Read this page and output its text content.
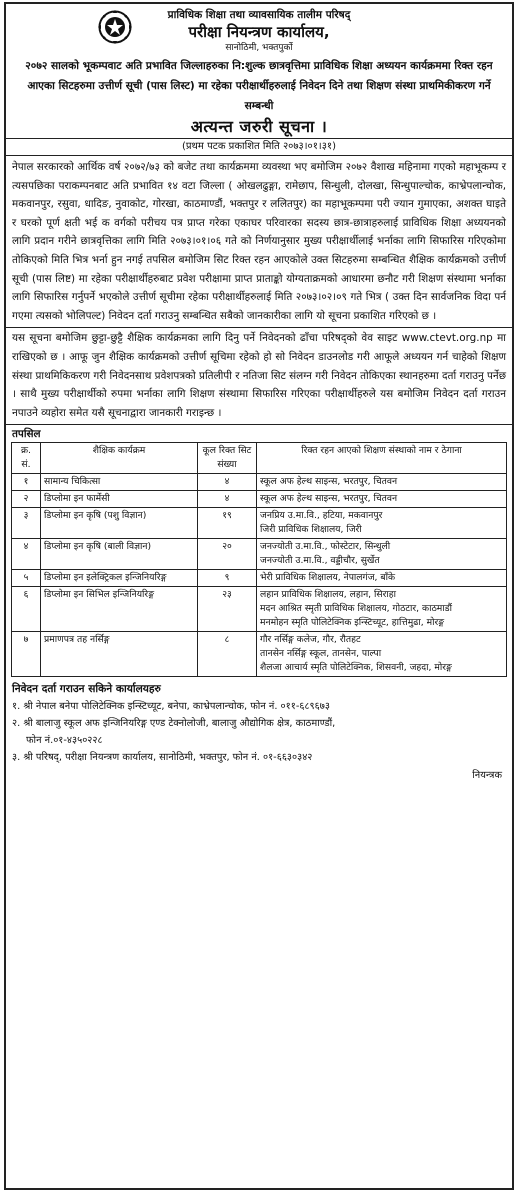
प्राविधिक शिक्षा तथा व्यावसायिक तालीम परिषद्
परीक्षा नियन्त्रण कार्यालय,
सानोठिमी, भक्तपुर्को
२०७२ सालको भूकम्पवाट अति प्रभावित जिल्लाहरुका नि:शुल्क छात्रवृत्तिमा प्राविधिक शिक्षा अध्ययन कार्यक्रममा रिक्त रहन आएका सिटहरुमा उत्तीर्ण सूची (पास लिस्ट) मा रहेका परीक्षार्थीहरुलाई निवेदन दिने तथा शिक्षण संस्था प्राथमिकीकरण गर्ने सम्बन्धी
अत्यन्त जरुरी सूचना ।
(प्रथम पटक प्रकाशित मिति २०७३।०१।३१)
नेपाल सरकारको आर्थिक वर्ष २०७२/७३ को बजेट तथा कार्यक्रममा व्यवस्था भए बमोजिम २०७२ वैशाख महिनामा गएको महाभूकम्प र त्यसपछिका पराकम्पनबाट अति प्रभावित १४ वटा जिल्ला ( ओखलढुङ्गा, रामेछाप, सिन्धुली, दोलखा, सिन्धुपाल्चोक, काभ्रेपलान्चोक, मकवानपुर, रसुवा, धादिङ, नुवाकोट, गोरखा, काठमाण्डौं, भक्तपुर र ललितपुर) का महाभूकम्पमा परी ज्यान गुमाएका, अशक्त घाइते र घरको पूर्ण क्षती भई क वर्गको परीचय पत्र प्राप्त गरेका एकाघर परिवारका सदस्य छात्र-छात्राहरुलाई प्राविधिक शिक्षा अध्ययनको लागि प्रदान गरीने छात्रवृत्तिका लागि मिति २०७३।०१।०६ गते को निर्णयानुसार मुख्य परीक्षार्थीलाई भर्नाका लागि सिफारिस गरिएकोमा तोकिएको मिति भित्र भर्ना हुन नगई तपसिल बमोजिम सिट रिक्त रहन आएकोले उक्त सिटहरुमा सम्बन्धित शैक्षिक कार्यक्रमको उत्तीर्ण सूची (पास लिष्ट) मा रहेका परीक्षार्थीहरुबाट प्रवेश परीक्षामा प्राप्त प्राताङ्को योग्यताक्रमको आधारमा छनौट गरी शिक्षण संस्थामा भर्नाका लागि सिफारिस गर्नुपर्ने भएकोले उत्तीर्ण सूचीमा रहेका परीक्षार्थीहरुलाई मिति २०७३।०२।०९ गते भित्र ( उक्त दिन सार्वजनिक विदा पर्न गएमा त्यसको भोलिपल्ट) निवेदन दर्ता गराउनु सम्बन्धित सबैको जानकारीका लागि यो सूचना प्रकाशित गरिएको छ ।
यस सूचना बमोजिम छुट्टा-छुट्टै शैक्षिक कार्यक्रमका लागि दिनु पर्ने निवेदनको ढाँचा परिषद्को वेव साइट www.ctevt.org.np मा राखिएको छ । आफू जुन शैक्षिक कार्यक्रमको उत्तीर्ण सूचिमा रहेको हो सो निवेदन डाउनलोड गरी आफूले अध्ययन गर्न चाहेको शिक्षण संस्था प्राथमिकिकरण गरी निवेदनसाथ प्रवेशपत्रको प्रतिलीपी र नतिजा सिट संलग्न गरी निवेदन तोकिएका स्थानहरुमा दर्ता गराउनु पर्नेछ । साथै मुख्य परीक्षार्थीको रुपमा भर्नाका लागि शिक्षण संस्थामा सिफारिस गरिएका परीक्षार्थीहरुले यस बमोजिम निवेदन दर्ता गराउन नपाउने व्यहोरा समेत यसै सूचनाद्वारा जानकारी गराइन्छ ।
तपसिल
क्र. सं.	शैक्षिक कार्यक्रम	कूल रिक्त सिट संख्या	रिक्त रहन आएको शिक्षण संस्थाको नाम र ठेगाना
१	सामान्य चिकित्सा	४	स्कूल अफ हेल्थ साइन्स, भरतपुर, चितवन

२	डिप्लोमा इन फार्मेसी	४	स्कूल अफ हेल्थ साइन्स, भरतपुर, चितवन

३	डिप्लोमा इन कृषि (पशु विज्ञान)	१९	जनप्रिय उ.मा.वि., हटिया, मकवानपुर
जिरी प्राविधिक शिक्षालय, जिरी

४	डिप्लोमा इन कृषि (बाली विज्ञान)	२०	जनज्योती उ.मा.वि., फोस्टेटार, सिन्धुली
जनज्योती उ.मा.वि., वड्डीचौर, सुर्खेत

५	डिप्लोमा इन इलेक्ट्रिकल इन्जिनियरिङ्ग	९	भेरी प्राविधिक शिक्षालय, नेपालगंज, बाँके

६	डिप्लोमा इन सिभिल इन्जिनियरिङ्ग	२३	लहान प्राविधिक शिक्षालय, लहान, सिराहा
मदन आश्रित स्मृती प्राविधिक शिक्षालय, गोठटार, काठमाडौं
मनमोहन स्मृति पोलिटेक्निक इन्स्टिच्यूट, हात्तिमुढा, मोरङ्ग

७	प्रमाणपत्र तह नर्सिङ्ग	८	गौर नर्सिङ्ग कलेज, गौर, रौतहट
तानसेन नर्सिङ्ग स्कूल, तानसेन, पाल्पा
शैलजा आचार्य स्मृति पोलिटेक्निक, शिसवनी, जहदा, मोरङ्ग
निवेदन दर्ता गराउन सकिने कार्यालयहरु
१. श्री नेपाल बनेपा पोलिटेक्निक इन्स्टिच्यूट, बनेपा, काभ्रेपलान्चोक, फोन नं. ०११-६८९६७३
२. श्री बालाजु स्कूल अफ इन्जिनियरिङ्ग एण्ड टेक्नोलोजी, बालाजु औद्योगिक क्षेत्र, काठमाण्डौं,
फोन नं.०१-४३५०२२८
३. श्री परिषद्, परीक्षा नियन्त्रण कार्यालय, सानोठिमी, भक्तपुर, फोन नं. ०१-६६३०३४२
नियन्त्रक
